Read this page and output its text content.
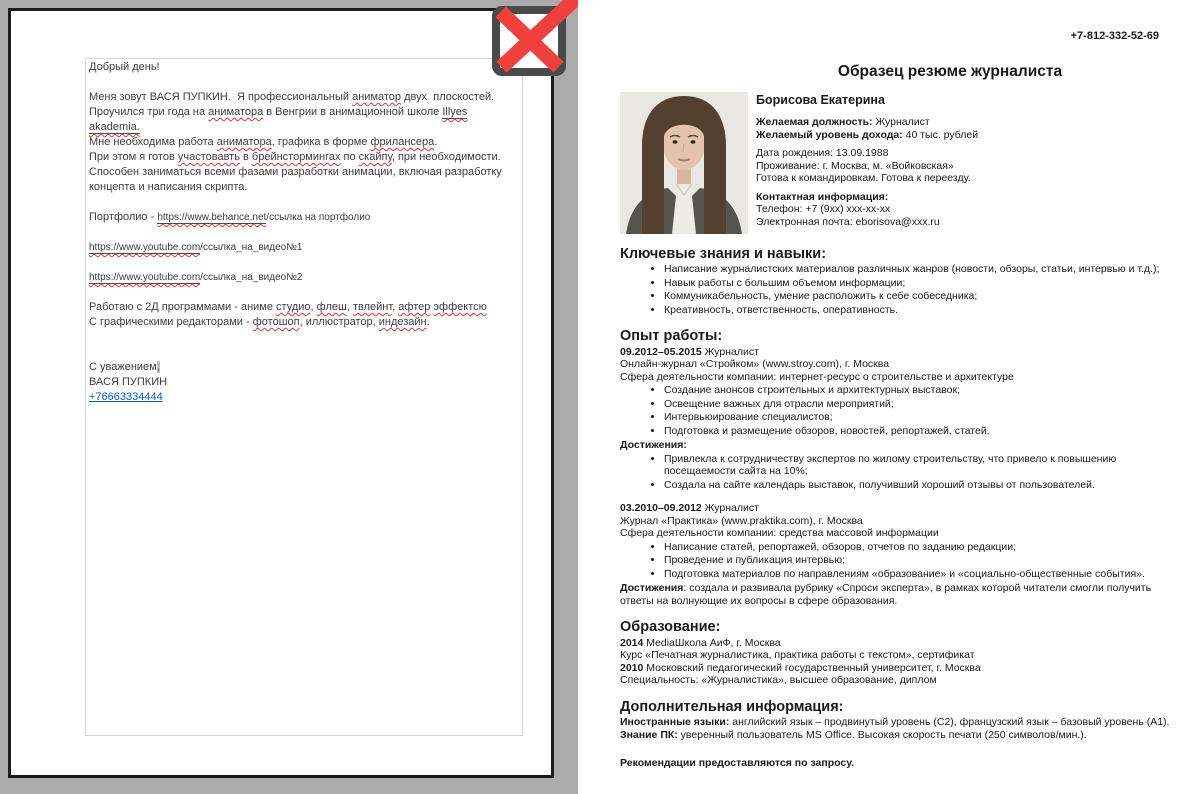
Добрый день!
Меня зовут ВАСЯ ПУПКИН.  Я профессиональный аниматор двух  плоскостей.
Проучился три года на аниматора в Венгрии в анимационной школе Illyes
akademia.
Мне необходима работа аниматора, графика в форме фрилансера.
При этом я готов участовавть в брейнстормингах по скайпу, при необходимости.
Способен заниматься всеми фазами разработки анимации, включая разработку
концепта и написания скрипта.
Портфолио - https://www.behance.net/ссылка на портфолио
https://www.youtube.com/ссылка_на_видео№1
https://www.youtube.com/ссылка_на_видео№2
Работаю с 2Д программами - аниме студио, флеш, твлейнт, афтер эффектсю
С графическими редакторами - фотошоп, иллюстратор, индезайн.
С уважением,
ВАСЯ ПУПКИН
+76663334444
+7-812-332-52-69
Образец резюме журналиста
Борисова Екатерина
Желаемая должность: Журналист
Желаемый уровень дохода: 40 тыс. рублей
Дата рождения: 13.09.1988
Проживание: г. Москва, м. «Войковская»
Готова к командировкам. Готова к переезду.
Контактная информация:
Телефон: +7 (9хх) ххх-хх-хх
Электронная почта: eborisova@xxx.ru
Ключевые знания и навыки:
• Написание журналистских материалов различных жанров (новости, обзоры, статьи, интервью и т.д.);
• Навык работы с большим объемом информации;
• Коммуникабельность, умение расположить к себе собеседника;
• Креативность, ответственность, оперативность.
Опыт работы:
09.2012–05.2015 Журналист
Онлайн-журнал «Стройком» (www.stroy.com), г. Москва
Сфера деятельности компании: интернет-ресурс о строительстве и архитектуре
• Создание анонсов строительных и архитектурных выставок;
• Освещение важных для отрасли мероприятий;
• Интервьюирование специалистов;
• Подготовка и размещение обзоров, новостей, репортажей, статей.
Достижения:
• Привлекла к сотрудничеству экспертов по жилому строительству, что привело к повышению посещаемости сайта на 10%;
• Создала на сайте календарь выставок, получивший хороший отзывы от пользователей.
03.2010–09.2012 Журналист
Журнал «Практика» (www.praktika.com), г. Москва
Сфера деятельности компании: средства массовой информации
• Написание статей, репортажей, обзоров, отчетов по заданию редакции;
• Проведение и публикация интервью;
• Подготовка материалов по направлениям «образование» и «социально-общественные события».
Достижения: создала и развивала рубрику «Спроси эксперта», в рамках которой читатели смогли получить ответы на волнующие их вопросы в сфере образования.
Образование:
2014 MediaШкола АиФ, г. Москва
Курс «Печатная журналистика, практика работы с текстом», сертификат
2010 Московский педагогический государственный университет, г. Москва
Специальность: «Журналистика», высшее образование, диплом
Дополнительная информация:
Иностранные языки: английский язык – продвинутый уровень (С2), французский язык – базовый уровень (А1).
Знание ПК: уверенный пользователь MS Office. Высокая скорость печати (250 символов/мин.).
Рекомендации предоставляются по запросу.
